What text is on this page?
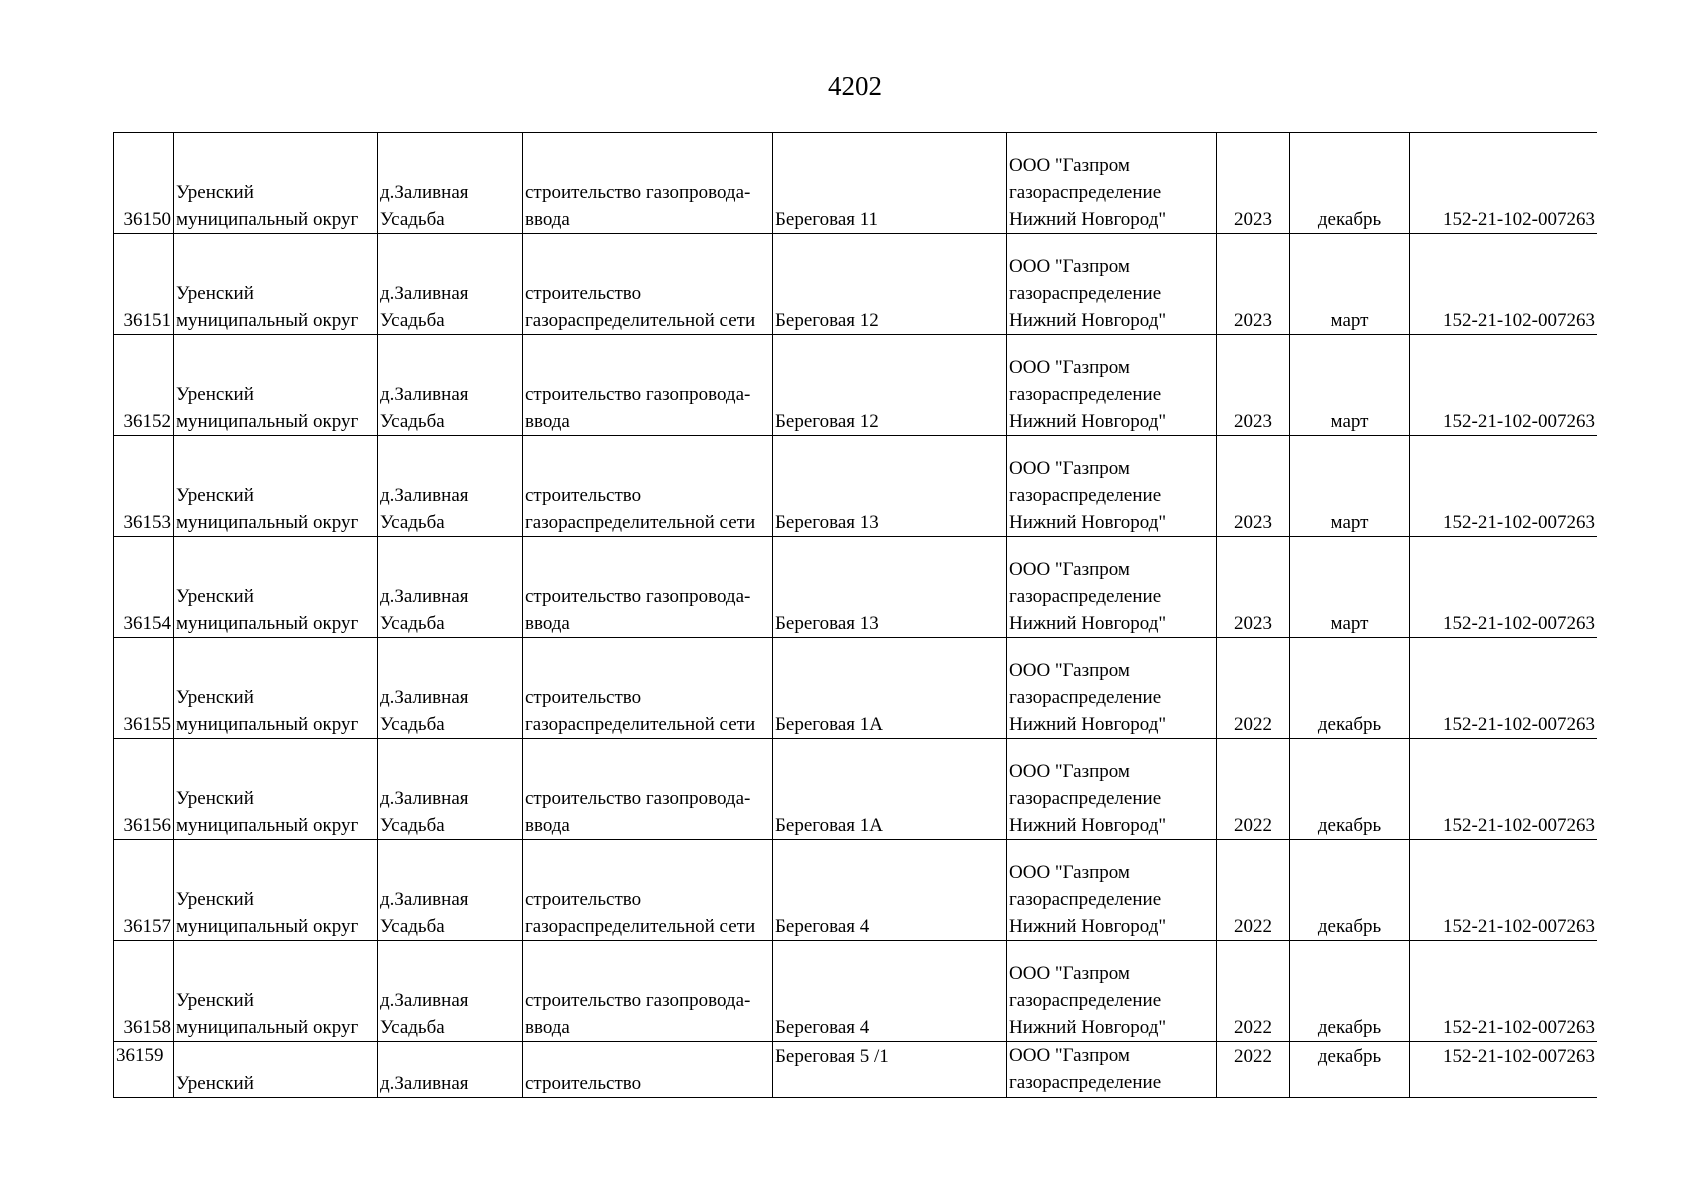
4202
36150	Уренский муниципальный округ	д.Заливная Усадьба	строительство газопровода-ввода	Береговая 11	ООО "Газпром газораспределение Нижний Новгород"	2023	декабрь	152-21-102-007263
36151	Уренский муниципальный округ	д.Заливная Усадьба	строительство газораспределительной сети	Береговая 12	ООО "Газпром газораспределение Нижний Новгород"	2023	март	152-21-102-007263
36152	Уренский муниципальный округ	д.Заливная Усадьба	строительство газопровода-ввода	Береговая 12	ООО "Газпром газораспределение Нижний Новгород"	2023	март	152-21-102-007263
36153	Уренский муниципальный округ	д.Заливная Усадьба	строительство газораспределительной сети	Береговая 13	ООО "Газпром газораспределение Нижний Новгород"	2023	март	152-21-102-007263
36154	Уренский муниципальный округ	д.Заливная Усадьба	строительство газопровода-ввода	Береговая 13	ООО "Газпром газораспределение Нижний Новгород"	2023	март	152-21-102-007263
36155	Уренский муниципальный округ	д.Заливная Усадьба	строительство газораспределительной сети	Береговая 1А	ООО "Газпром газораспределение Нижний Новгород"	2022	декабрь	152-21-102-007263
36156	Уренский муниципальный округ	д.Заливная Усадьба	строительство газопровода-ввода	Береговая 1А	ООО "Газпром газораспределение Нижний Новгород"	2022	декабрь	152-21-102-007263
36157	Уренский муниципальный округ	д.Заливная Усадьба	строительство газораспределительной сети	Береговая 4	ООО "Газпром газораспределение Нижний Новгород"	2022	декабрь	152-21-102-007263
36158	Уренский муниципальный округ	д.Заливная Усадьба	строительство газопровода-ввода	Береговая 4	ООО "Газпром газораспределение Нижний Новгород"	2022	декабрь	152-21-102-007263
36159	Уренский	д.Заливная	строительство	Береговая 5 /1	ООО "Газпром газораспределение	2022	декабрь	152-21-102-007263
